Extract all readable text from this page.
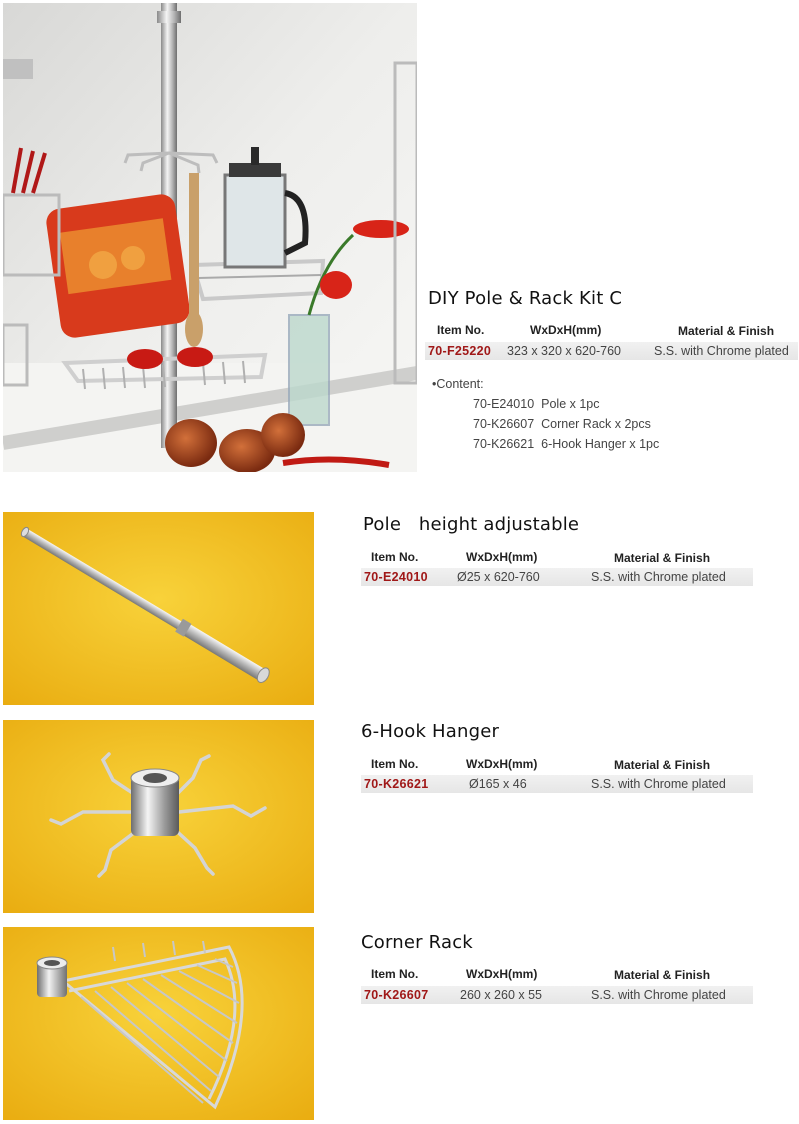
DIY Pole & Rack Kit C
Item No.	WxDxH(mm)	Material & Finish
70-F25220 323 x 320 x 620-760	S.S. with Chrome plated
•Content:
70-E24010 Pole x 1pc
70-K26607 Corner Rack x 2pcs
70-K26621 6-Hook Hanger x 1pc
Pole   height adjustable
Item No.	WxDxH(mm)	Material & Finish
70-E24010 Ø25 x 620-760	S.S. with Chrome plated
6-Hook Hanger
Item No.	WxDxH(mm)	Material & Finish
70-K26621	Ø165 x 46	S.S. with Chrome plated
Corner Rack
Item No.	WxDxH(mm)	Material & Finish
70-K26607	260 x 260 x 55	S.S. with Chrome plated
